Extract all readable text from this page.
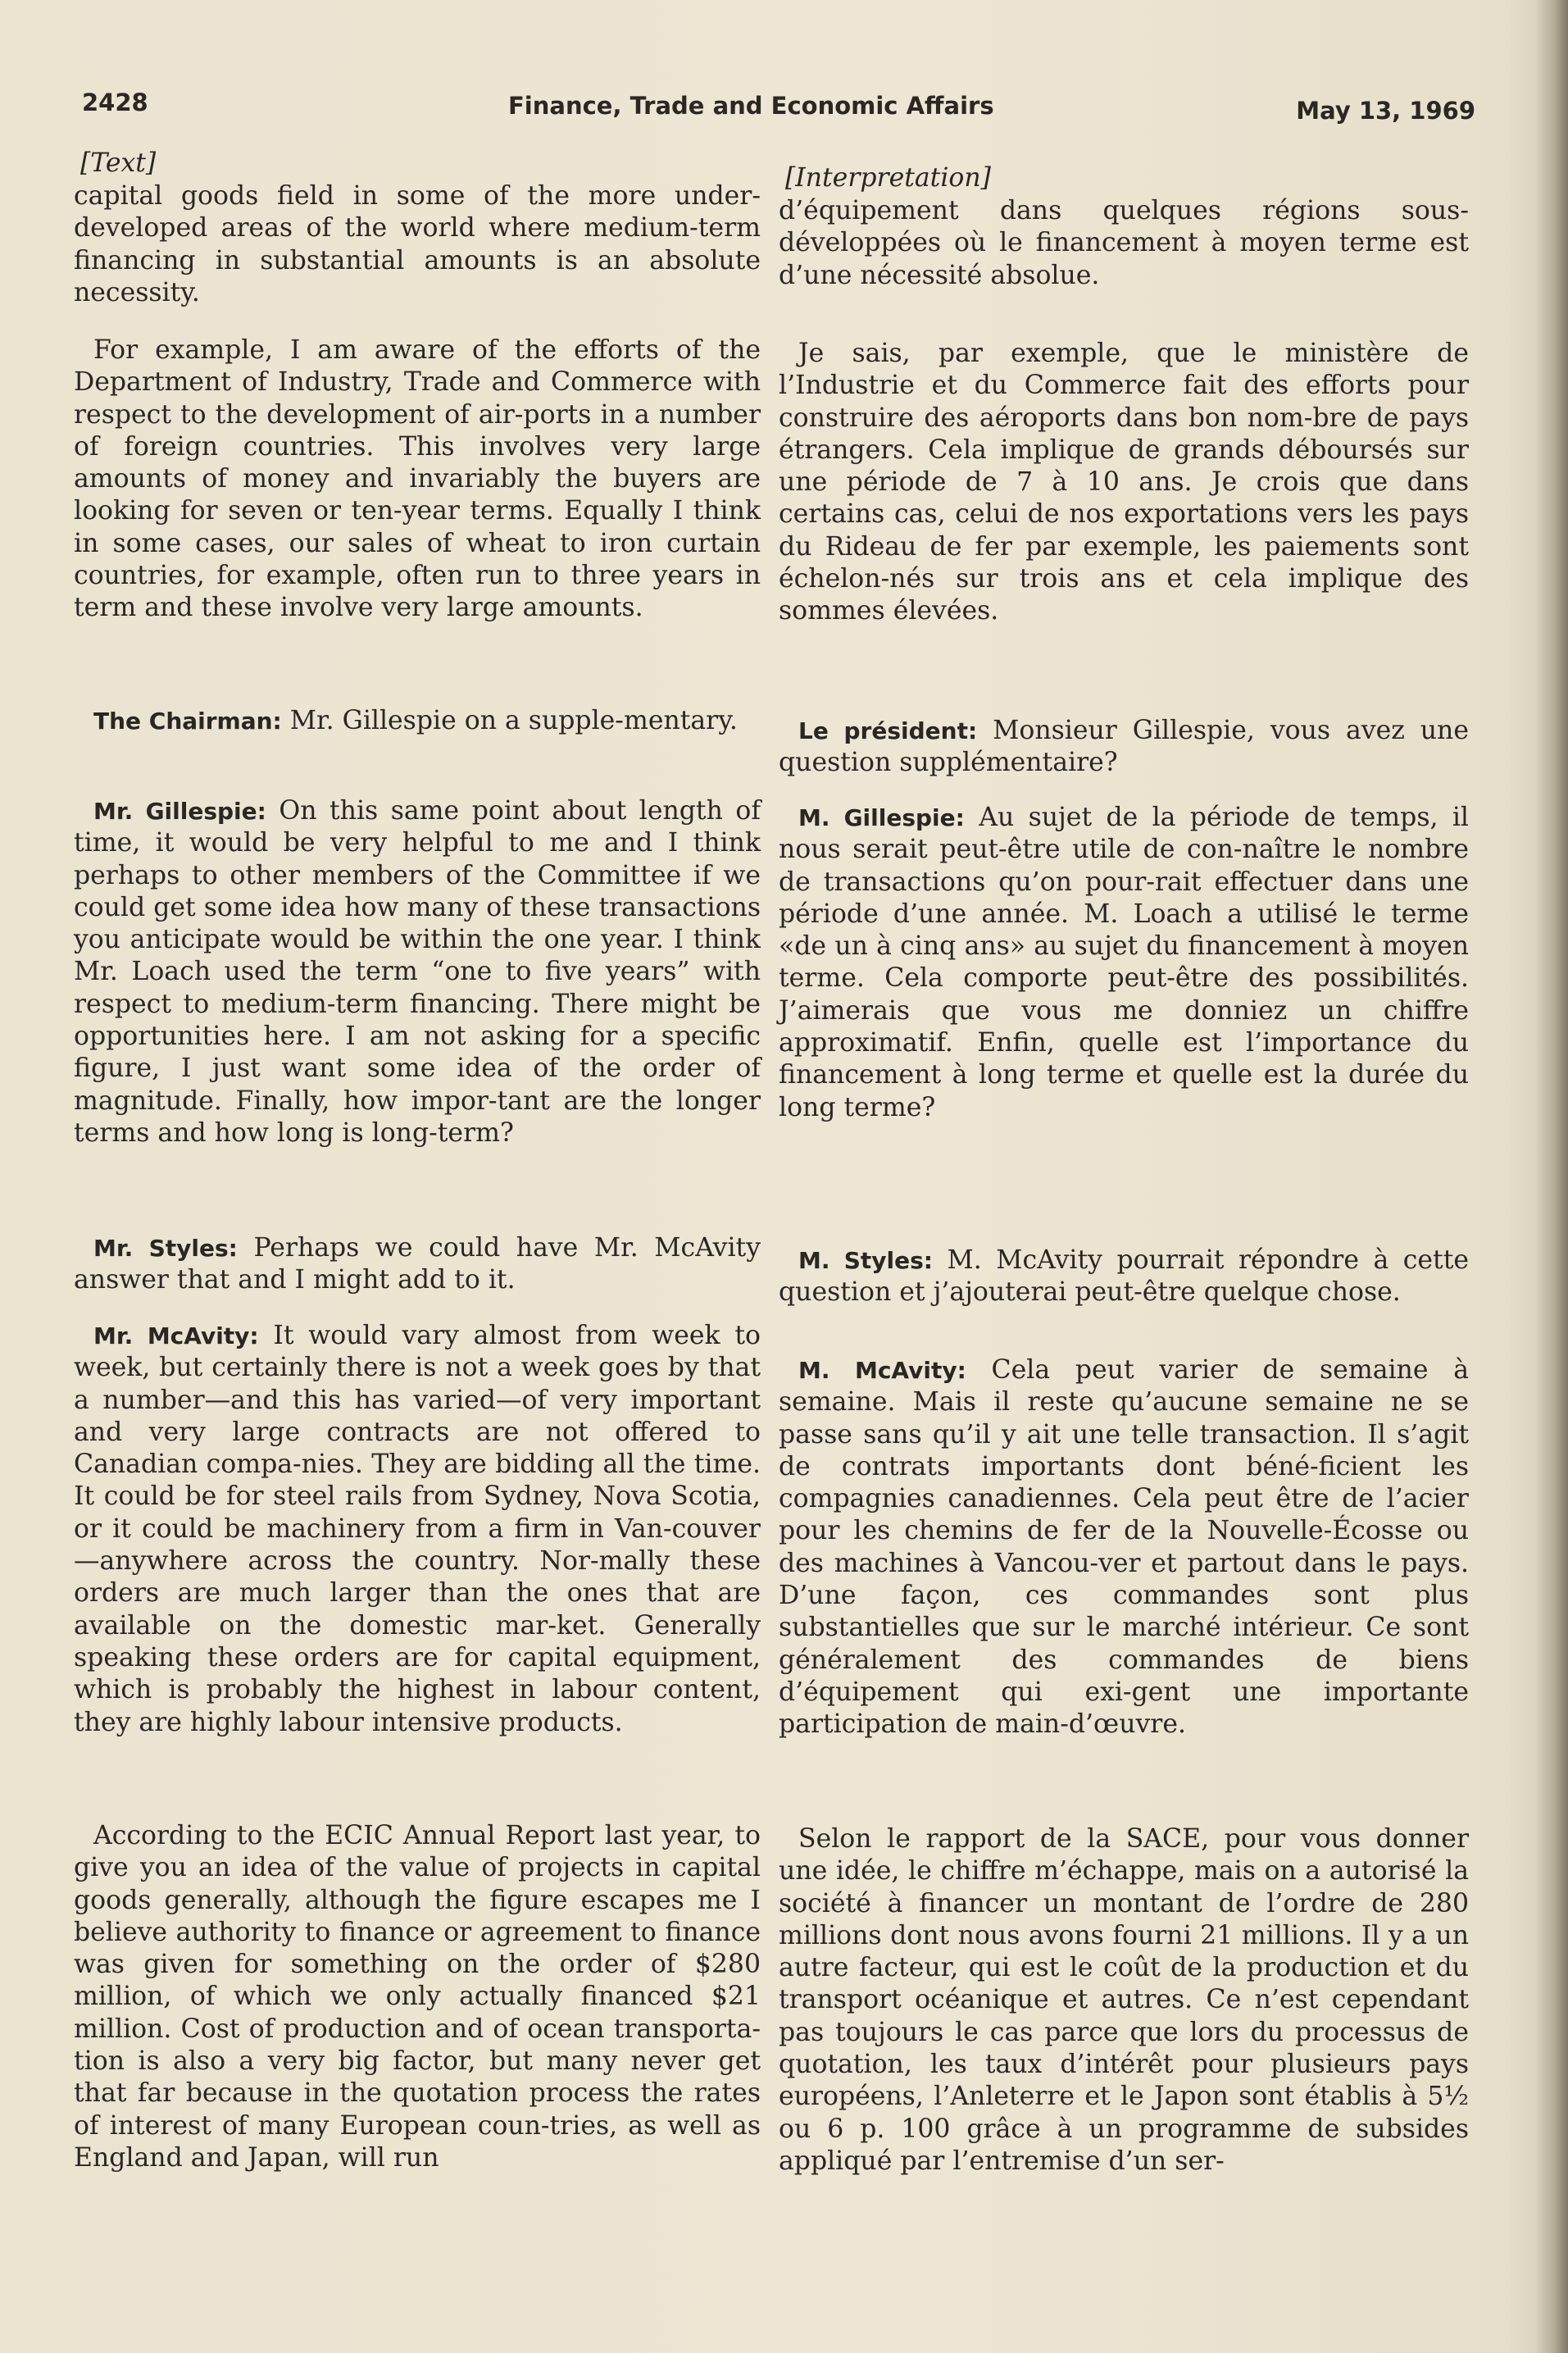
2428	Finance, Trade and Economic Affairs	May 13, 1969
[Text]

capital goods field in some of the more under-developed areas of the world where medium-term financing in substantial amounts is an absolute necessity.

For example, I am aware of the efforts of the Department of Industry, Trade and Commerce with respect to the development of air-ports in a number of foreign countries. This involves very large amounts of money and invariably the buyers are looking for seven or ten-year terms. Equally I think in some cases, our sales of wheat to iron curtain countries, for example, often run to three years in term and these involve very large amounts.

The Chairman: Mr. Gillespie on a supple-mentary.

Mr. Gillespie: On this same point about length of time, it would be very helpful to me and I think perhaps to other members of the Committee if we could get some idea how many of these transactions you anticipate would be within the one year. I think Mr. Loach used the term “one to five years” with respect to medium-term financing. There might be opportunities here. I am not asking for a specific figure, I just want some idea of the order of magnitude. Finally, how impor-tant are the longer terms and how long is long-term?

Mr. Styles: Perhaps we could have Mr. McAvity answer that and I might add to it.

Mr. McAvity: It would vary almost from week to week, but certainly there is not a week goes by that a number—and this has varied—of very important and very large contracts are not offered to Canadian compa-nies. They are bidding all the time. It could be for steel rails from Sydney, Nova Scotia, or it could be machinery from a firm in Van-couver—anywhere across the country. Nor-mally these orders are much larger than the ones that are available on the domestic mar-ket. Generally speaking these orders are for capital equipment, which is probably the highest in labour content, they are highly labour intensive products.

According to the ECIC Annual Report last year, to give you an idea of the value of projects in capital goods generally, although the figure escapes me I believe authority to finance or agreement to finance was given for something on the order of $280 million, of which we only actually financed $21 million. Cost of production and of ocean transporta-tion is also a very big factor, but many never get that far because in the quotation process the rates of interest of many European coun-tries, as well as England and Japan, will run

[Interpretation]

d’équipement dans quelques régions sous-développées où le financement à moyen terme est d’une nécessité absolue.

Je sais, par exemple, que le ministère de l’Industrie et du Commerce fait des efforts pour construire des aéroports dans bon nom-bre de pays étrangers. Cela implique de grands déboursés sur une période de 7 à 10 ans. Je crois que dans certains cas, celui de nos exportations vers les pays du Rideau de fer par exemple, les paiements sont échelon-nés sur trois ans et cela implique des sommes élevées.

Le président: Monsieur Gillespie, vous avez une question supplémentaire?

M. Gillespie: Au sujet de la période de temps, il nous serait peut-être utile de con-naître le nombre de transactions qu’on pour-rait effectuer dans une période d’une année. M. Loach a utilisé le terme «de un à cinq ans» au sujet du financement à moyen terme. Cela comporte peut-être des possibilités. J’aimerais que vous me donniez un chiffre approximatif. Enfin, quelle est l’importance du financement à long terme et quelle est la durée du long terme?

M. Styles: M. McAvity pourrait répondre à cette question et j’ajouterai peut-être quelque chose.

M. McAvity: Cela peut varier de semaine à semaine. Mais il reste qu’aucune semaine ne se passe sans qu’il y ait une telle transaction. Il s’agit de contrats importants dont béné-ficient les compagnies canadiennes. Cela peut être de l’acier pour les chemins de fer de la Nouvelle-Écosse ou des machines à Vancou-ver et partout dans le pays. D’une façon, ces commandes sont plus substantielles que sur le marché intérieur. Ce sont généralement des commandes de biens d’équipement qui exi-gent une importante participation de main-d’œuvre.

Selon le rapport de la SACE, pour vous donner une idée, le chiffre m’échappe, mais on a autorisé la société à financer un montant de l’ordre de 280 millions dont nous avons fourni 21 millions. Il y a un autre facteur, qui est le coût de la production et du transport océanique et autres. Ce n’est cependant pas toujours le cas parce que lors du processus de quotation, les taux d’intérêt pour plusieurs pays européens, l’Anleterre et le Japon sont établis à 5½ ou 6 p. 100 grâce à un programme de subsides appliqué par l’entremise d’un ser-
